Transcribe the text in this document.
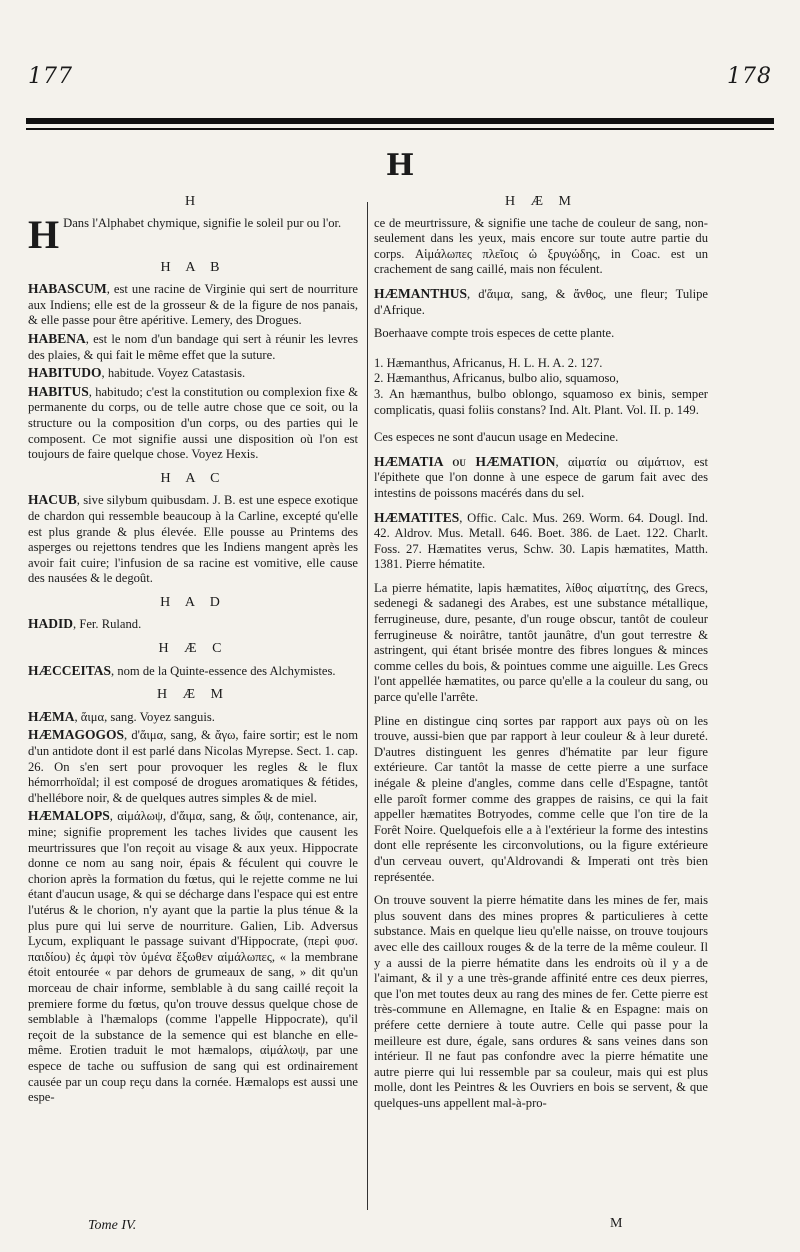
177	178
H
H
H Dans l'Alphabet chymique, signifie le soleil pur ou l'or.
H A B
HABASCUM, est une racine de Virginie qui sert de nourriture aux Indiens; elle est de la grosseur & de la figure de nos panais, & elle passe pour être apéritive. Lemery, des Drogues.
HABENA, est le nom d'un bandage qui sert à réunir les levres des plaies, & qui fait le même effet que la suture.
HABITUDO, habitude. Voyez Catastasis.
HABITUS, habitudo; c'est la constitution ou complexion fixe & permanente du corps, ou de telle autre chose que ce soit, ou la structure ou la composition d'un corps, ou des parties qui le composent. Ce mot signifie aussi une disposition où l'on est toujours de faire quelque chose. Voyez Hexis.
H A C
HACUB, sive silybum quibusdam. J. B. est une espece exotique de chardon qui ressemble beaucoup à la Carline, excepté qu'elle est plus grande & plus élevée. Elle pousse au Printems des asperges ou rejettons tendres que les Indiens mangent après les avoir fait cuire; l'infusion de sa racine est vomitive, elle cause des nausées & le degoût.
H A D
HADID, Fer. Ruland.
H Æ C
HÆCCEITAS, nom de la Quinte-essence des Alchymistes.
H Æ M
HÆMA, ἅιμα, sang. Voyez sanguis.
HÆMAGOGOS, d'ἅιμα, sang, & ἄγω, faire sortir; est le nom d'un antidote dont il est parlé dans Nicolas Myrepse. Sect. 1. cap. 26. On s'en sert pour provoquer les regles & le flux hémorrhoïdal; il est composé de drogues aromatiques & fétides, d'hellébore noir, & de quelques autres simples & de miel.
HÆMALOPS, αἱμάλωψ, d'ἅιμα, sang, & ὤψ, contenance, air, mine; signifie proprement les taches livides que causent les meurtrissures que l'on reçoit au visage & aux yeux. Hippocrate donne ce nom au sang noir, épais & féculent qui couvre le chorion après la formation du fœtus, qui le rejette comme ne lui étant d'aucun usage, & qui se décharge dans l'espace qui est entre l'utérus & le chorion, n'y ayant que la partie la plus ténue & la plus pure qui lui serve de nourriture. Galien, Lib. Adversus Lycum, expliquant le passage suivant d'Hippocrate, (περὶ φυσ. παιδίου) ἐς ἀμφὶ τὸν ὑμένα ἔξωθεν αἱμάλωπες, « la membrane étoit entourée « par dehors de grumeaux de sang, » dit qu'un morceau de chair informe, semblable à du sang caillé reçoit la premiere forme du fœtus, qu'on trouve dessus quelque chose de semblable à l'hæmalops (comme l'appelle Hippocrate), qu'il reçoit de la substance de la semence qui est blanche en elle-même. Erotien traduit le mot hæmalops, αἱμάλωψ, par une espece de tache ou suffusion de sang qui est ordinairement causée par un coup reçu dans la cornée. Hæmalops est aussi une espe-
H Æ M
ce de meurtrissure, & signifie une tache de couleur de sang, non-seulement dans les yeux, mais encore sur toute autre partie du corps. Αἱμάλωπες πλεῖοις ὡ ξρυγώδης, in Coac. est un crachement de sang caillé, mais non féculent.
HÆMANTHUS, d'ἅιμα, sang, & ἄνθος, une fleur; Tulipe d'Afrique.
Boerhaave compte trois especes de cette plante.
1. Hæmanthus, Africanus, H. L. H. A. 2. 127.
2. Hæmanthus, Africanus, bulbo alio, squamoso,
3. An hæmanthus, bulbo oblongo, squamoso ex binis, semper complicatis, quasi foliis constans? Ind. Alt. Plant. Vol. II. p. 149.
Ces especes ne sont d'aucun usage en Medecine.
HÆMATIA ou HÆMATION, αἱματία ou αἱμάτιον, est l'épithete que l'on donne à une espece de garum fait avec des intestins de poissons macérés dans du sel.
HÆMATITES, Offic. Calc. Mus. 269. Worm. 64. Dougl. Ind. 42. Aldrov. Mus. Metall. 646. Boet. 386. de Laet. 122. Charlt. Foss. 27. Hæmatites verus, Schw. 30. Lapis hæmatites, Matth. 1381. Pierre hématite.
La pierre hématite, lapis hæmatites, λίθος αἱματίτης, des Grecs, sedenegi & sadanegi des Arabes, est une substance métallique, ferrugineuse, dure, pesante, d'un rouge obscur, tantôt de couleur ferrugineuse & noirâtre, tantôt jaunâtre, d'un gout terrestre & astringent, qui étant brisée montre des fibres longues & minces comme celles du bois, & pointues comme une aiguille. Les Grecs l'ont appellée hæmatites, ou parce qu'elle a la couleur du sang, ou parce qu'elle l'arrête.
Pline en distingue cinq sortes par rapport aux pays où on les trouve, aussi-bien que par rapport à leur couleur & à leur dureté. D'autres distinguent les genres d'hématite par leur figure extérieure. Car tantôt la masse de cette pierre a une surface inégale & pleine d'angles, comme dans celle d'Espagne, tantôt elle paroît former comme des grappes de raisins, ce qui la fait appeller hæmatites Botryodes, comme celle que l'on tire de la Forêt Noire. Quelquefois elle a à l'extérieur la forme des intestins dont elle représente les circonvolutions, ou la figure extérieure d'un cerveau ouvert, qu'Aldrovandi & Imperati ont très bien représentée.
On trouve souvent la pierre hématite dans les mines de fer, mais plus souvent dans des mines propres & particulieres à cette substance. Mais en quelque lieu qu'elle naisse, on trouve toujours avec elle des cailloux rouges & de la terre de la même couleur. Il y a aussi de la pierre hématite dans les endroits où il y a de l'aimant, & il y a une très-grande affinité entre ces deux pierres, que l'on met toutes deux au rang des mines de fer. Cette pierre est très-commune en Allemagne, en Italie & en Espagne: mais on préfere cette derniere à toute autre. Celle qui passe pour la meilleure est dure, égale, sans ordures & sans veines dans son intérieur. Il ne faut pas confondre avec la pierre hématite une autre pierre qui lui ressemble par sa couleur, mais qui est plus molle, dont les Peintres & les Ouvriers en bois se servent, & que quelques-uns appellent mal-à-pro-
Tome IV.	M
